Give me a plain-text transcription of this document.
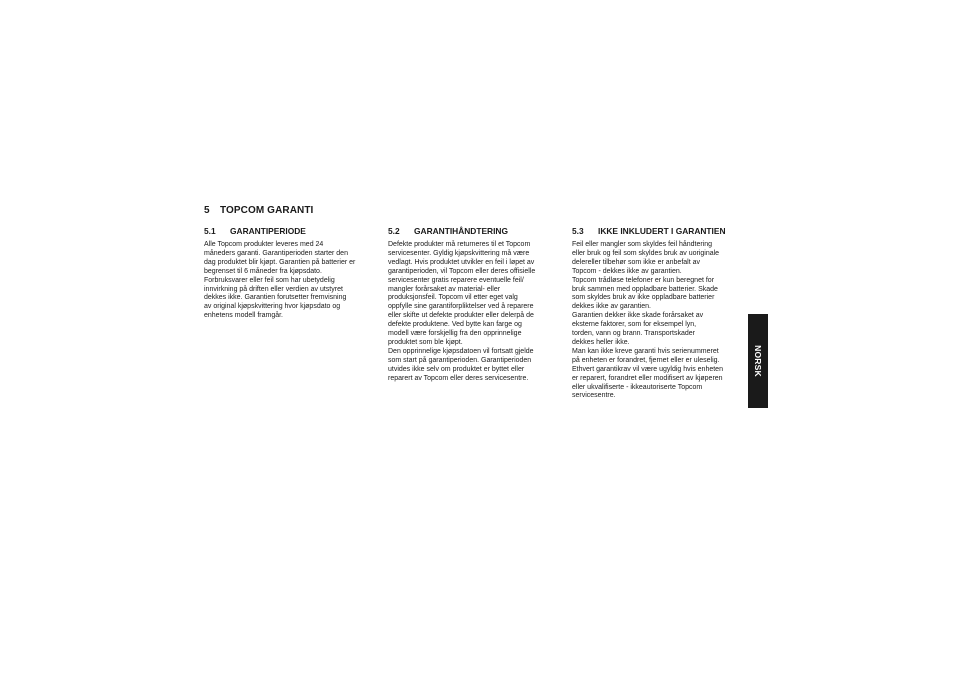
5 TOPCOM GARANTI
5.1 GARANTIPERIODE

Alle Topcom produkter leveres med 24
måneders garanti. Garantiperioden starter den
dag produktet blir kjøpt. Garantien på batterier er
begrenset til 6 måneder fra kjøpsdato.
Forbruksvarer eller feil som har ubetydelig
innvirkning på driften eller verdien av utstyret
dekkes ikke. Garantien forutsetter fremvisning
av original kjøpskvittering hvor kjøpsdato og
enhetens modell framgår.

5.2 GARANTIHÅNDTERING

Defekte produkter må returneres til et Topcom
servicesenter. Gyldig kjøpskvittering må være
vedlagt. Hvis produktet utvikler en feil i løpet av
garantiperioden, vil Topcom eller deres offisielle
servicesenter gratis reparere eventuelle feil/
mangler forårsaket av material- eller
produksjonsfeil. Topcom vil etter eget valg
oppfylle sine garantiforpliktelser ved å reparere
eller skifte ut defekte produkter eller delerpå de
defekte produktene. Ved bytte kan farge og
modell være forskjellig fra den opprinnelige
produktet som ble kjøpt.
Den opprinnelige kjøpsdatoen vil fortsatt gjelde
som start på garantiperioden. Garantiperioden
utvides ikke selv om produktet er byttet eller
reparert av Topcom eller deres servicesentre.

5.3 IKKE INKLUDERT I GARANTIEN

Feil eller mangler som skyldes feil håndtering
eller bruk og feil som skyldes bruk av uoriginale
delereller tilbehør som ikke er anbefalt av
Topcom - dekkes ikke av garantien.
Topcom trådløse telefoner er kun beregnet for
bruk sammen med oppladbare batterier. Skade
som skyldes bruk av ikke oppladbare batterier
dekkes ikke av garantien.
Garantien dekker ikke skade forårsaket av
eksterne faktorer, som for eksempel lyn,
torden, vann og brann. Transportskader
dekkes heller ikke.
Man kan ikke kreve garanti hvis serienummeret
på enheten er forandret, fjernet eller er uleselig.
Ethvert garantikrav vil være ugyldig hvis enheten
er reparert, forandret eller modifisert av kjøperen
eller ukvalifiserte - ikkeautoriserte Topcom
servicesentre.

NORSK
